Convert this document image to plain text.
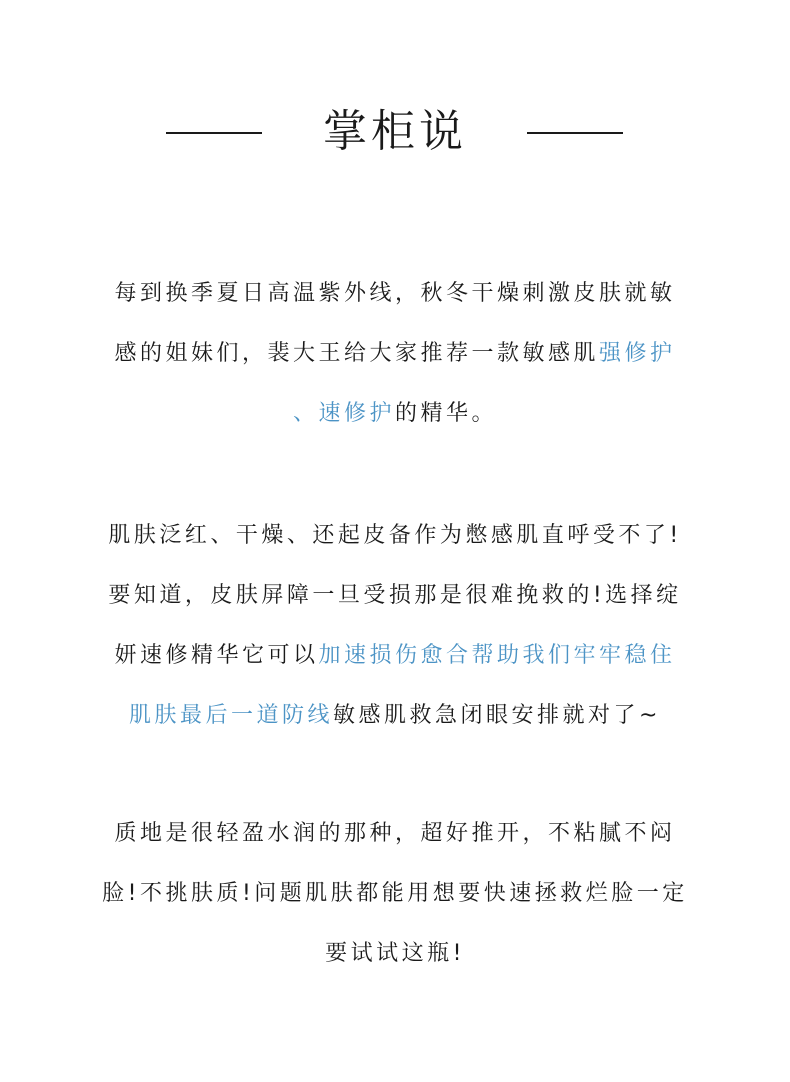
掌柜说
每到换季夏日高温紫外线，秋冬干燥刺激皮肤就敏
感的姐妹们，裴大王给大家推荐一款敏感肌强修护
、速修护的精华。
肌肤泛红、干燥、还起皮备作为憋感肌直呼受不了!
要知道，皮肤屏障一旦受损那是很难挽救的!选择绽
妍速修精华它可以加速损伤愈合帮助我们牢牢稳住
肌肤最后一道防线敏感肌救急闭眼安排就对了~
质地是很轻盈水润的那种，超好推开，不粘腻不闷
脸!不挑肤质!问题肌肤都能用想要快速拯救烂脸一定
要试试这瓶!
